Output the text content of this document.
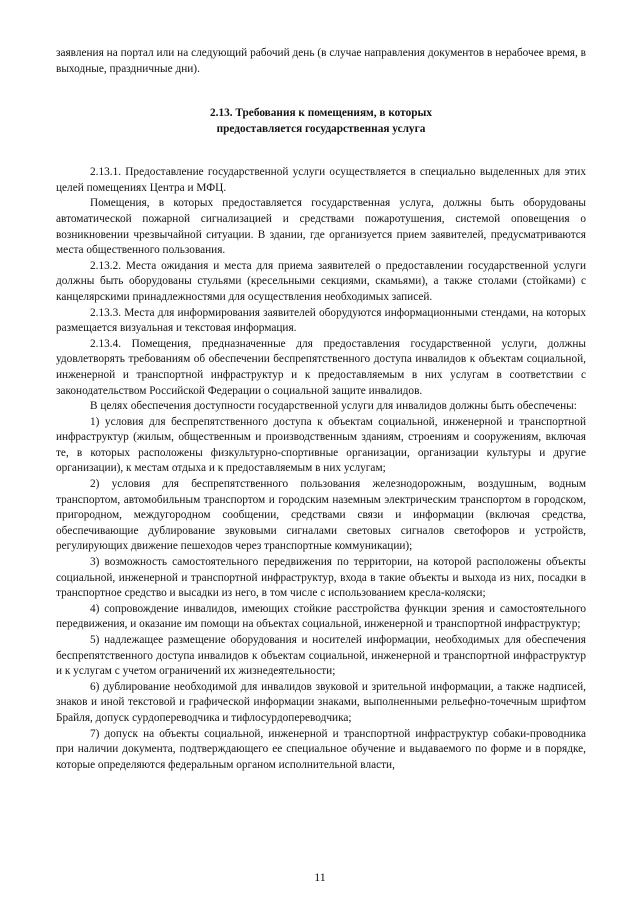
заявления на портал или на следующий рабочий день (в случае направления документов в нерабочее время, в выходные, праздничные дни).

2.13. Требования к помещениям, в которых
предоставляется государственная услуга

2.13.1. Предоставление государственной услуги осуществляется в специально выделенных для этих целей помещениях Центра и МФЦ.

Помещения, в которых предоставляется государственная услуга, должны быть оборудованы автоматической пожарной сигнализацией и средствами пожаротушения, системой оповещения о возникновении чрезвычайной ситуации. В здании, где организуется прием заявителей, предусматриваются места общественного пользования.

2.13.2. Места ожидания и места для приема заявителей о предоставлении государственной услуги должны быть оборудованы стульями (кресельными секциями, скамьями), а также столами (стойками) с канцелярскими принадлежностями для осуществления необходимых записей.

2.13.3. Места для информирования заявителей оборудуются информационными стендами, на которых размещается визуальная и текстовая информация.

2.13.4. Помещения, предназначенные для предоставления государственной услуги, должны удовлетворять требованиям об обеспечении беспрепятственного доступа инвалидов к объектам социальной, инженерной и транспортной инфраструктур и к предоставляемым в них услугам в соответствии с законодательством Российской Федерации о социальной защите инвалидов.

В целях обеспечения доступности государственной услуги для инвалидов должны быть обеспечены:

1) условия для беспрепятственного доступа к объектам социальной, инженерной и транспортной инфраструктур (жилым, общественным и производственным зданиям, строениям и сооружениям, включая те, в которых расположены физкультурно-спортивные организации, организации культуры и другие организации), к местам отдыха и к предоставляемым в них услугам;

2) условия для беспрепятственного пользования железнодорожным, воздушным, водным транспортом, автомобильным транспортом и городским наземным электрическим транспортом в городском, пригородном, междугородном сообщении, средствами связи и информации (включая средства, обеспечивающие дублирование звуковыми сигналами световых сигналов светофоров и устройств, регулирующих движение пешеходов через транспортные коммуникации);

3) возможность самостоятельного передвижения по территории, на которой расположены объекты социальной, инженерной и транспортной инфраструктур, входа в такие объекты и выхода из них, посадки в транспортное средство и высадки из него, в том числе с использованием кресла-коляски;

4) сопровождение инвалидов, имеющих стойкие расстройства функции зрения и самостоятельного передвижения, и оказание им помощи на объектах социальной, инженерной и транспортной инфраструктур;

5) надлежащее размещение оборудования и носителей информации, необходимых для обеспечения беспрепятственного доступа инвалидов к объектам социальной, инженерной и транспортной инфраструктур и к услугам с учетом ограничений их жизнедеятельности;

6) дублирование необходимой для инвалидов звуковой и зрительной информации, а также надписей, знаков и иной текстовой и графической информации знаками, выполненными рельефно-точечным шрифтом Брайля, допуск сурдопереводчика и тифлосурдопереводчика;

7) допуск на объекты социальной, инженерной и транспортной инфраструктур собаки-проводника при наличии документа, подтверждающего ее специальное обучение и выдаваемого по форме и в порядке, которые определяются федеральным органом исполнительной власти,

11
